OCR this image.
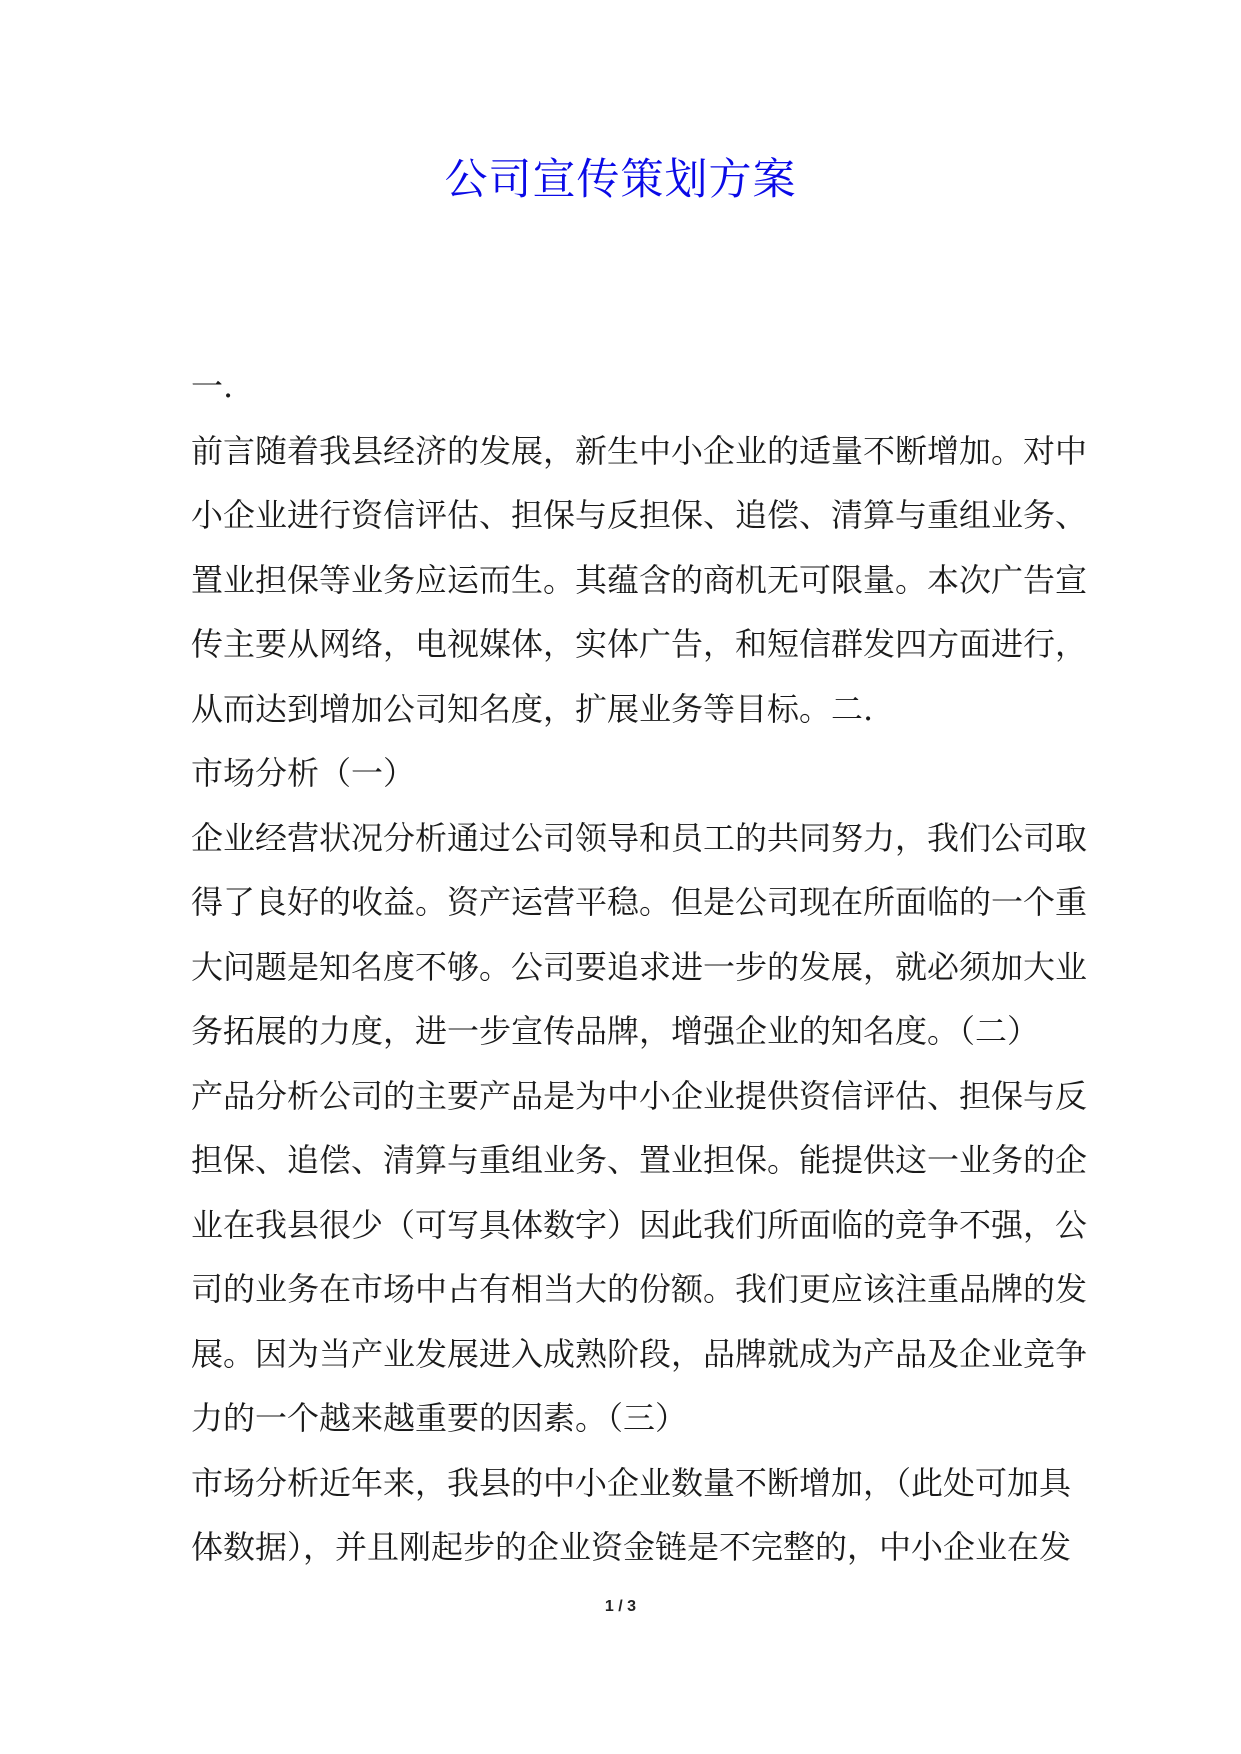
公司宣传策划方案
一.
前言随着我县经济的发展，新生中小企业的适量不断增加。对中
小企业进行资信评估、担保与反担保、追偿、清算与重组业务、
置业担保等业务应运而生。其蕴含的商机无可限量。本次广告宣
传主要从网络，电视媒体，实体广告，和短信群发四方面进行，
从而达到增加公司知名度，扩展业务等目标。二.
市场分析（一）
企业经营状况分析通过公司领导和员工的共同努力，我们公司取
得了良好的收益。资产运营平稳。但是公司现在所面临的一个重
大问题是知名度不够。公司要追求进一步的发展，就必须加大业
务拓展的力度，进一步宣传品牌，增强企业的知名度。（二）
产品分析公司的主要产品是为中小企业提供资信评估、担保与反
担保、追偿、清算与重组业务、置业担保。能提供这一业务的企
业在我县很少（可写具体数字）因此我们所面临的竞争不强，公
司的业务在市场中占有相当大的份额。我们更应该注重品牌的发
展。因为当产业发展进入成熟阶段，品牌就成为产品及企业竞争
力的一个越来越重要的因素。（三）
市场分析近年来，我县的中小企业数量不断增加，（此处可加具
体数据），并且刚起步的企业资金链是不完整的，中小企业在发
1 / 3
